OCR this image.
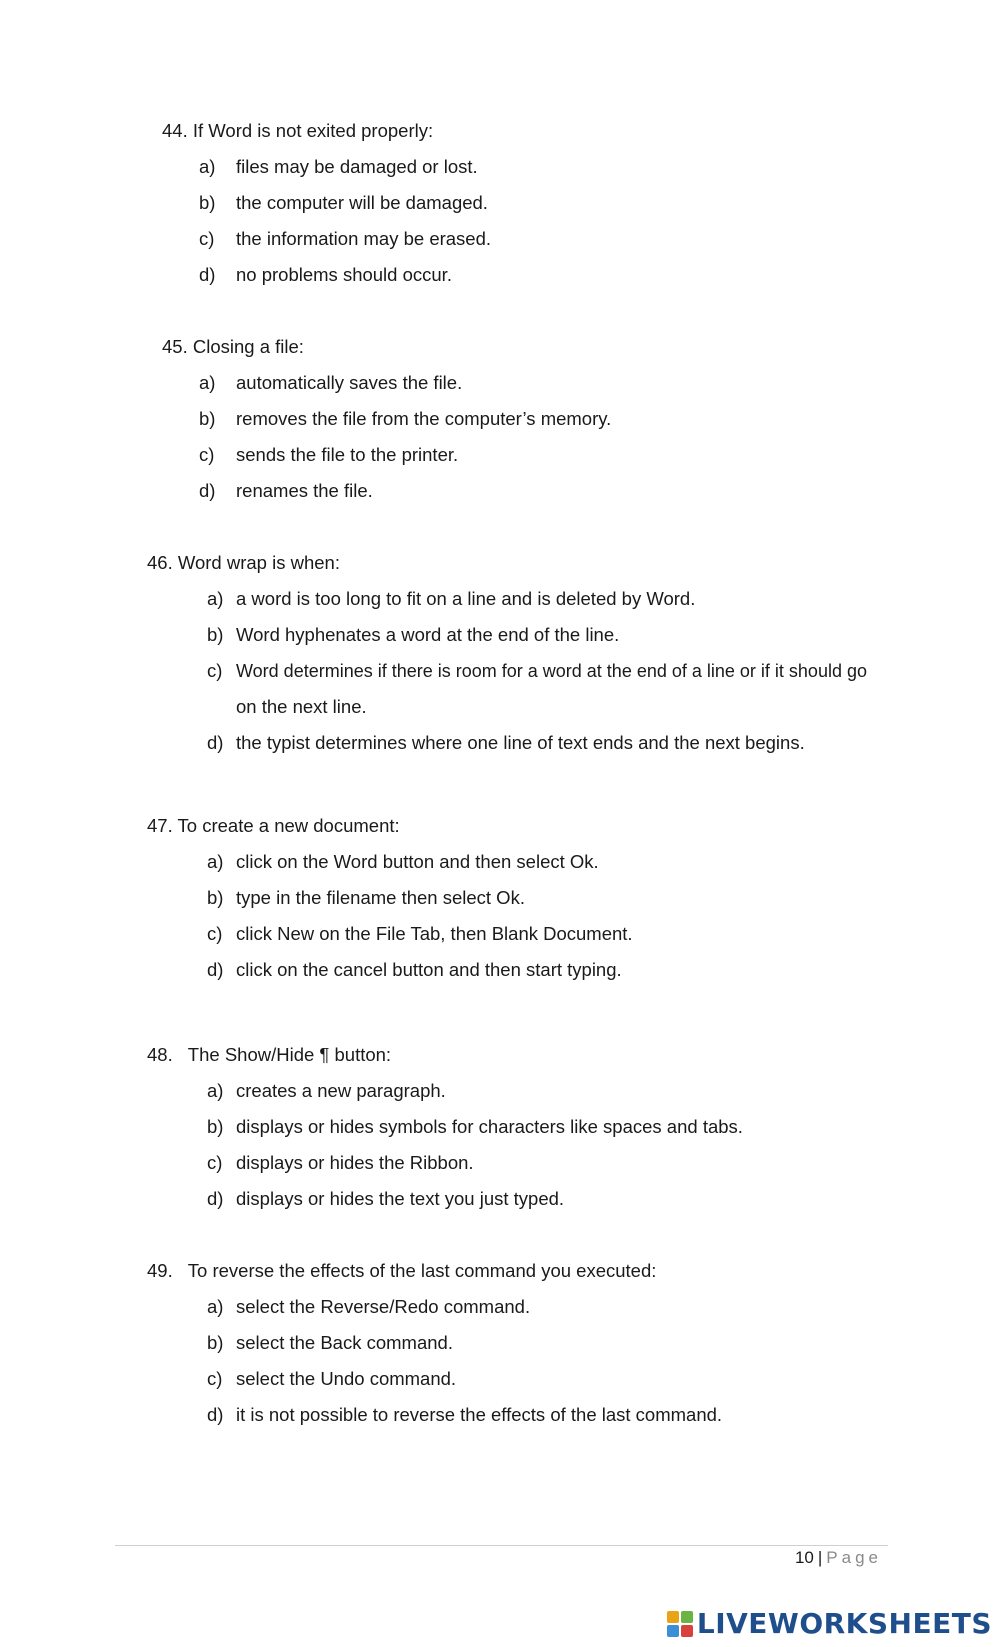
44. If Word is not exited properly:
a) files may be damaged or lost.
b) the computer will be damaged.
c) the information may be erased.
d) no problems should occur.
45. Closing a file:
a) automatically saves the file.
b) removes the file from the computer’s memory.
c) sends the file to the printer.
d) renames the file.
46. Word wrap is when:
a) a word is too long to fit on a line and is deleted by Word.
b) Word hyphenates a word at the end of the line.
c) Word determines if there is room for a word at the end of a line or if it should go
on the next line.
d) the typist determines where one line of text ends and the next begins.
47. To create a new document:
a) click on the Word button and then select Ok.
b) type in the filename then select Ok.
c) click New on the File Tab, then Blank Document.
d) click on the cancel button and then start typing.
48.   The Show/Hide ¶ button:
a) creates a new paragraph.
b) displays or hides symbols for characters like spaces and tabs.
c) displays or hides the Ribbon.
d) displays or hides the text you just typed.
49.   To reverse the effects of the last command you executed:
a) select the Reverse/Redo command.
b) select the Back command.
c) select the Undo command.
d) it is not possible to reverse the effects of the last command.
10 | Page
LIVEWORKSHEETS
